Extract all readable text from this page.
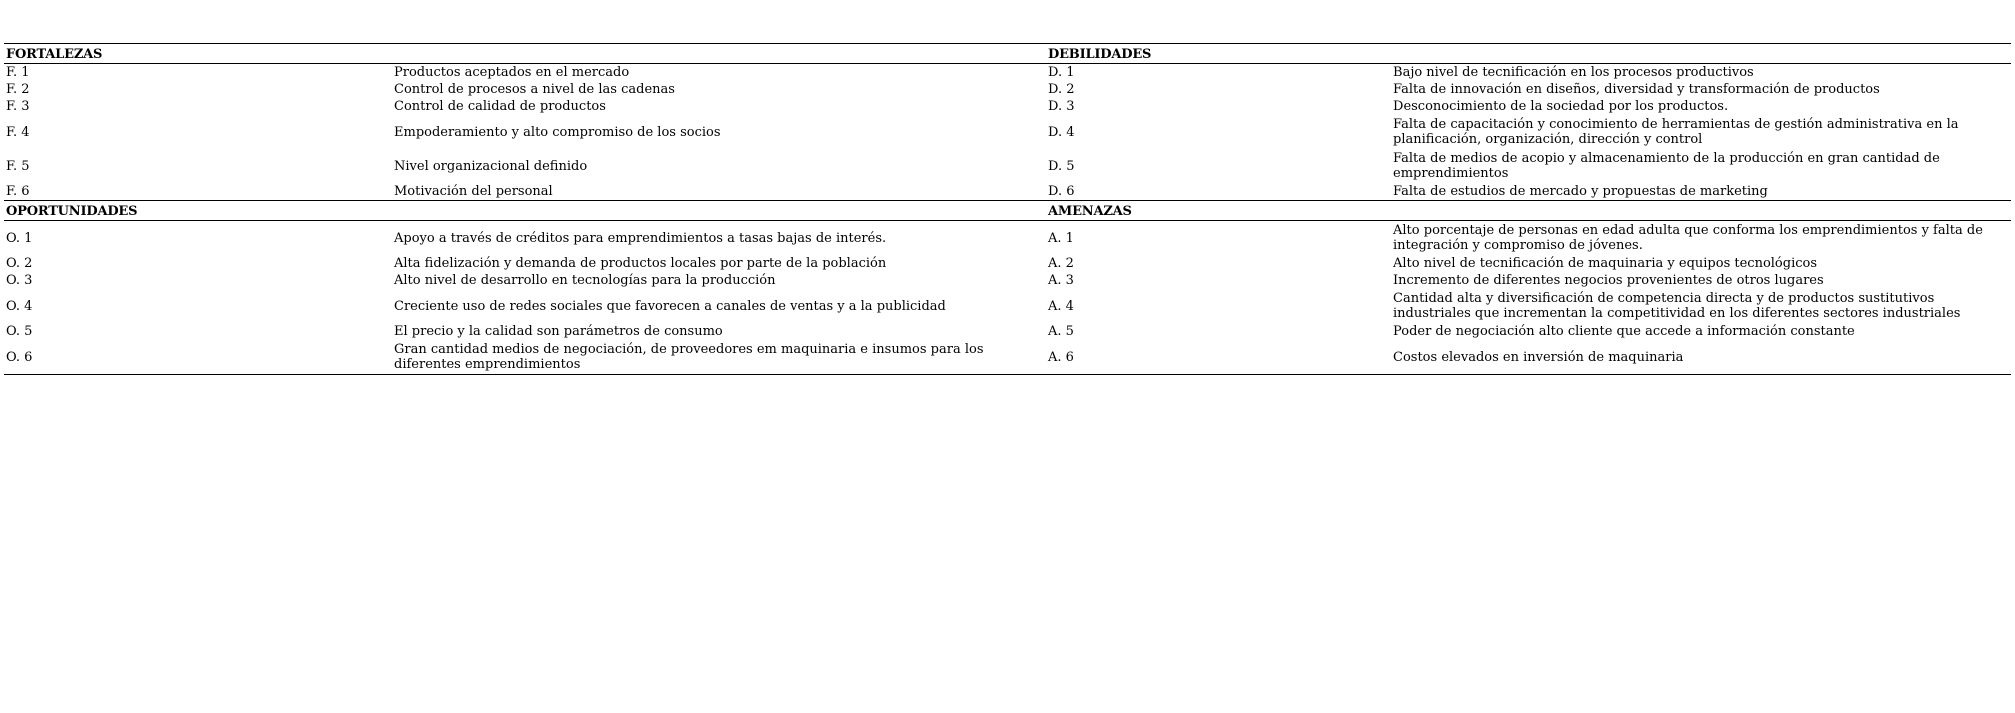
FORTALEZAS		DEBILIDADES	
F. 1	Productos aceptados en el mercado	D. 1	Bajo nivel de tecnificación en los procesos productivos
F. 2	Control de procesos a nivel de las cadenas	D. 2	Falta de innovación en diseños, diversidad y transformación de productos
F. 3	Control de calidad de productos	D. 3	Desconocimiento de la sociedad por los productos.
F. 4	Empoderamiento y alto compromiso de los socios	D. 4	Falta de capacitación y conocimiento de herramientas de gestión administrativa en la planificación, organización, dirección y control
F. 5	Nivel organizacional definido	D. 5	Falta de medios de acopio y almacenamiento de la producción en gran cantidad de emprendimientos
F. 6	Motivación del personal	D. 6	Falta de estudios de mercado y propuestas de marketing
OPORTUNIDADES		AMENAZAS	
O. 1	Apoyo a través de créditos para emprendimientos a tasas bajas de interés.	A. 1	Alto porcentaje de personas en edad adulta que conforma los emprendimientos y falta de integración y compromiso de jóvenes.
O. 2	Alta fidelización y demanda de productos locales por parte de la población	A. 2	Alto nivel de tecnificación de maquinaria y equipos tecnológicos
O. 3	Alto nivel de desarrollo en tecnologías para la producción	A. 3	Incremento de diferentes negocios provenientes de otros lugares
O. 4	Creciente uso de redes sociales que favorecen a canales de ventas y a la publicidad	A. 4	Cantidad alta y diversificación de competencia directa y de productos sustitutivos industriales que incrementan la competitividad en los diferentes sectores industriales
O. 5	El precio y la calidad son parámetros de consumo	A. 5	Poder de negociación alto cliente que accede a información constante
O. 6	Gran cantidad medios de negociación, de proveedores em maquinaria e insumos para los diferentes emprendimientos	A. 6	Costos elevados en inversión de maquinaria
